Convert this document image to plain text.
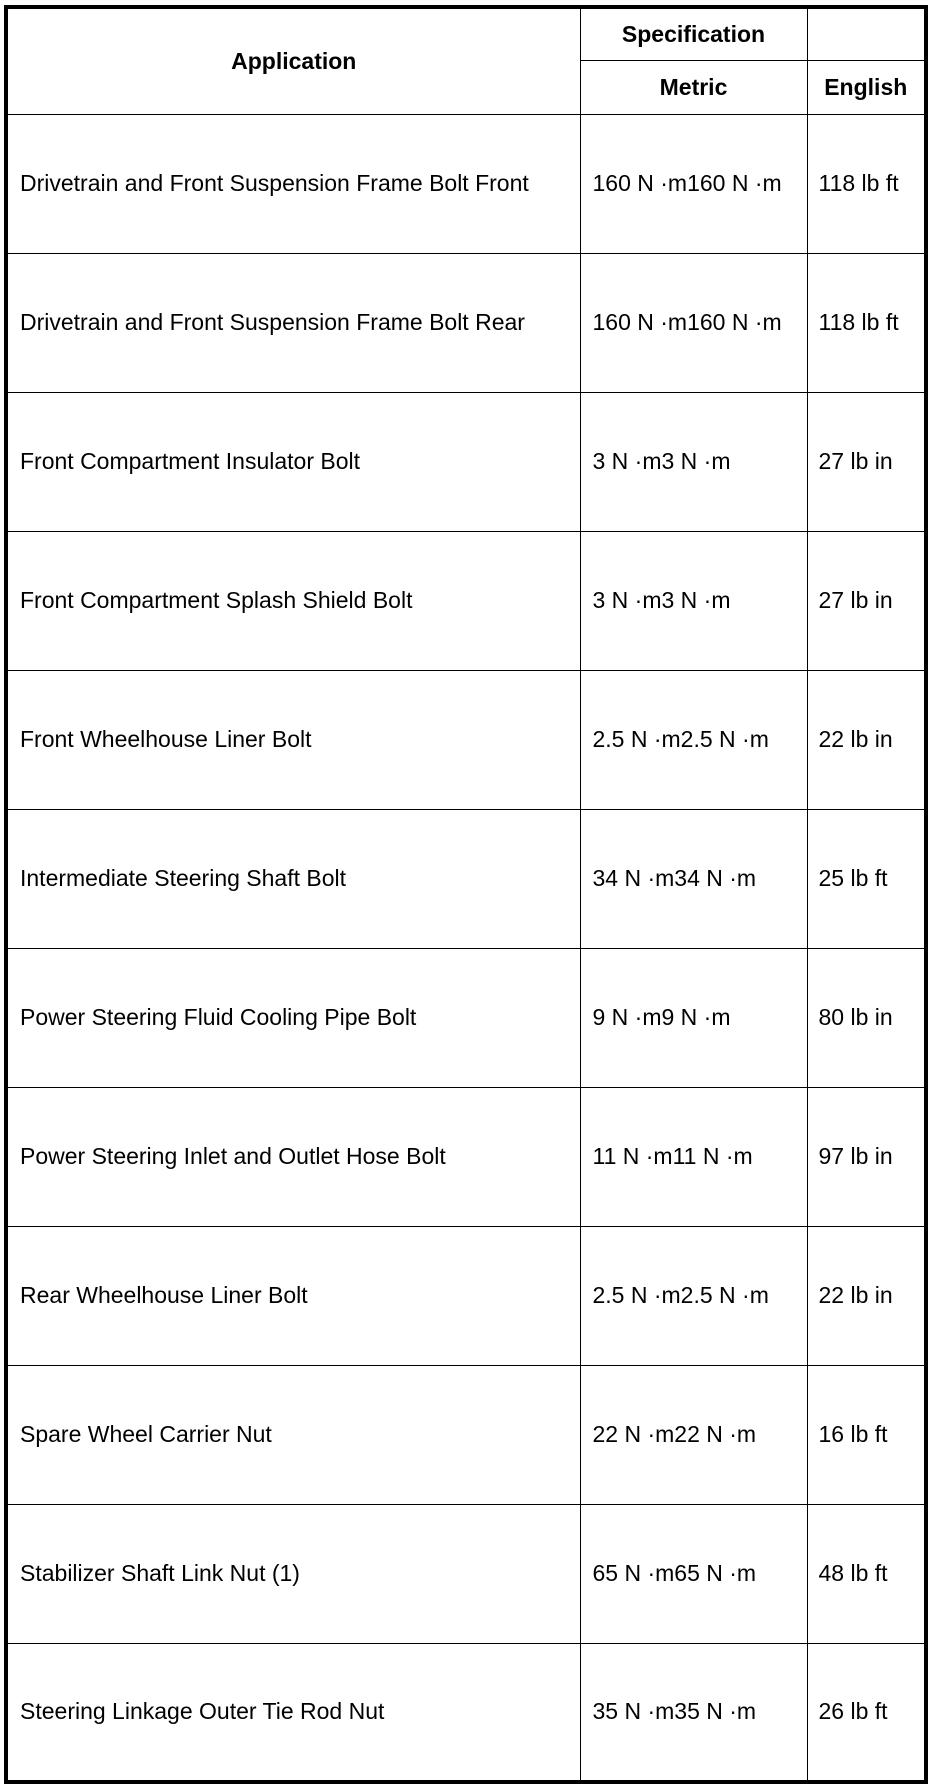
Application	Specification	
	Metric	English
Drivetrain and Front Suspension Frame Bolt Front	160 N ·m160 N ·m	118 lb ft
Drivetrain and Front Suspension Frame Bolt Rear	160 N ·m160 N ·m	118 lb ft
Front Compartment Insulator Bolt	3 N ·m3 N ·m	27 lb in
Front Compartment Splash Shield Bolt	3 N ·m3 N ·m	27 lb in
Front Wheelhouse Liner Bolt	2.5 N ·m2.5 N ·m	22 lb in
Intermediate Steering Shaft Bolt	34 N ·m34 N ·m	25 lb ft
Power Steering Fluid Cooling Pipe Bolt	9 N ·m9 N ·m	80 lb in
Power Steering Inlet and Outlet Hose Bolt	11 N ·m11 N ·m	97 lb in
Rear Wheelhouse Liner Bolt	2.5 N ·m2.5 N ·m	22 lb in
Spare Wheel Carrier Nut	22 N ·m22 N ·m	16 lb ft
Stabilizer Shaft Link Nut (1)	65 N ·m65 N ·m	48 lb ft
Steering Linkage Outer Tie Rod Nut	35 N ·m35 N ·m	26 lb ft
